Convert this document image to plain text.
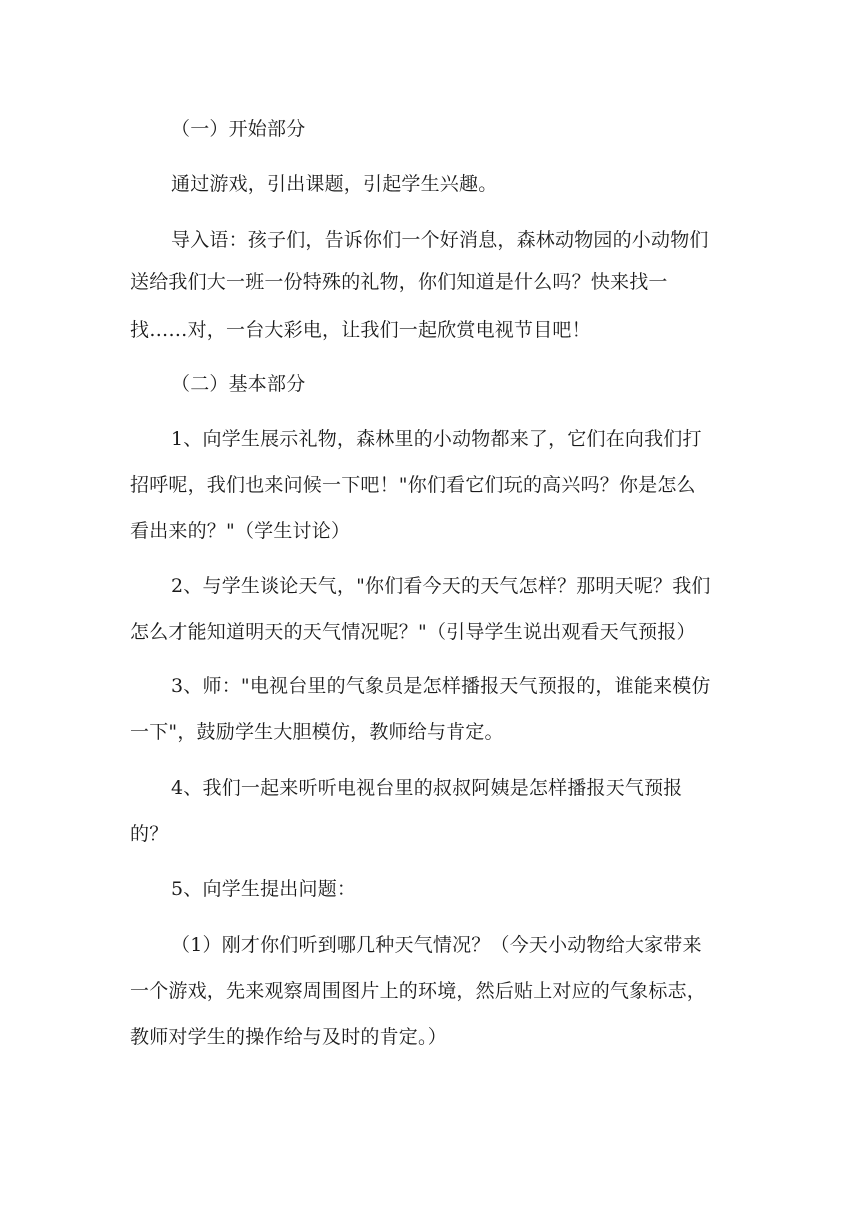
（一）开始部分

通过游戏，引出课题，引起学生兴趣。

导入语：孩子们，告诉你们一个好消息，森林动物园的小动物们

送给我们大一班一份特殊的礼物，你们知道是什么吗？快来找一

找……对，一台大彩电，让我们一起欣赏电视节目吧！

（二）基本部分

1、向学生展示礼物，森林里的小动物都来了，它们在向我们打

招呼呢，我们也来问候一下吧！"你们看它们玩的高兴吗？你是怎么

看出来的？"（学生讨论）

2、与学生谈论天气，"你们看今天的天气怎样？那明天呢？我们

怎么才能知道明天的天气情况呢？"（引导学生说出观看天气预报）

3、师："电视台里的气象员是怎样播报天气预报的，谁能来模仿

一下"，鼓励学生大胆模仿，教师给与肯定。

4、我们一起来听听电视台里的叔叔阿姨是怎样播报天气预报

的？

5、向学生提出问题：

（1）刚才你们听到哪几种天气情况？（今天小动物给大家带来

一个游戏，先来观察周围图片上的环境，然后贴上对应的气象标志，

教师对学生的操作给与及时的肯定。）
